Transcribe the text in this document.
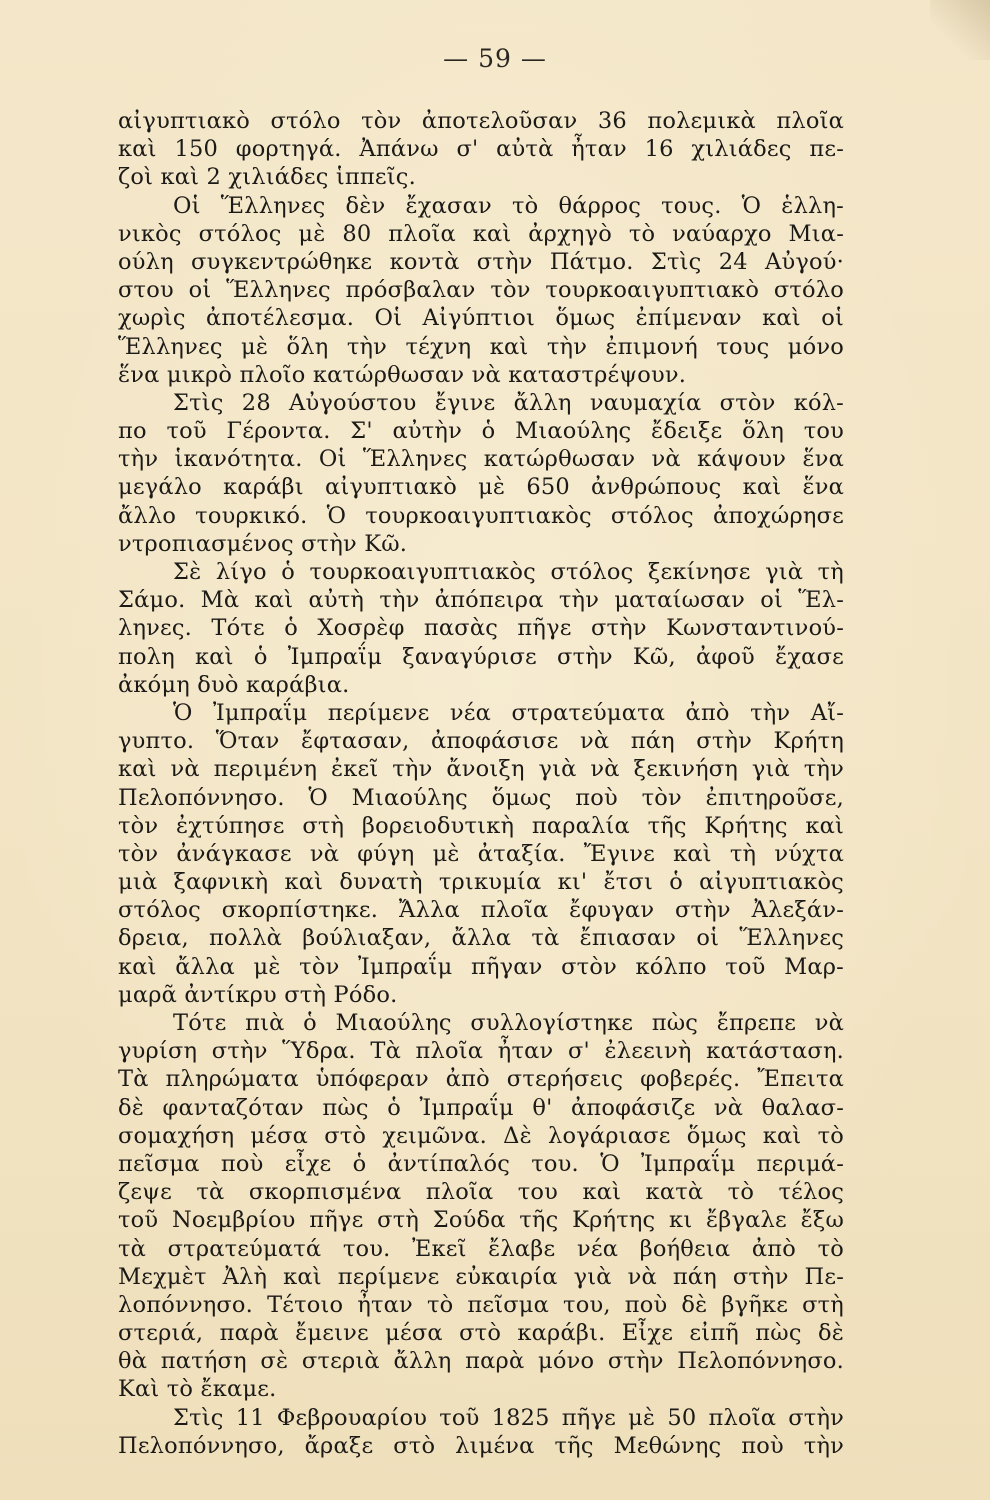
— 59 —
αἰγυπτιακὸ στόλο τὸν ἀποτελοῦσαν 36 πολεμικὰ πλοῖα
καὶ 150 φορτηγά. Ἀπάνω σ' αὐτὰ ἦταν 16 χιλιάδες πε-
ζοὶ καὶ 2 χιλιάδες ἱππεῖς.
Οἱ Ἕλληνες δὲν ἔχασαν τὸ θάρρος τους. Ὁ ἑλλη-
νικὸς στόλος μὲ 80 πλοῖα καὶ ἀρχηγὸ τὸ ναύαρχο Μια-
ούλη συγκεντρώθηκε κοντὰ στὴν Πάτμο. Στὶς 24 Αὐγού·
στου οἱ Ἕλληνες πρόσβαλαν τὸν τουρκοαιγυπτιακὸ στόλο
χωρὶς ἀποτέλεσμα. Οἱ Αἰγύπτιοι ὅμως ἐπίμεναν καὶ οἱ
Ἕλληνες μὲ ὅλη τὴν τέχνη καὶ τὴν ἐπιμονή τους μόνο
ἕνα μικρὸ πλοῖο κατώρθωσαν νὰ καταστρέψουν.
Στὶς 28 Αὐγούστου ἔγινε ἄλλη ναυμαχία στὸν κόλ-
πο τοῦ Γέροντα. Σ' αὐτὴν ὁ Μιαούλης ἔδειξε ὅλη του
τὴν ἱκανότητα. Οἱ Ἕλληνες κατώρθωσαν νὰ κάψουν ἕνα
μεγάλο καράβι αἰγυπτιακὸ μὲ 650 ἀνθρώπους καὶ ἕνα
ἄλλο τουρκικό. Ὁ τουρκοαιγυπτιακὸς στόλος ἀποχώρησε
ντροπιασμένος στὴν Κῶ.
Σὲ λίγο ὁ τουρκοαιγυπτιακὸς στόλος ξεκίνησε γιὰ τὴ
Σάμο. Μὰ καὶ αὐτὴ τὴν ἀπόπειρα τὴν ματαίωσαν οἱ Ἕλ-
ληνες. Τότε ὁ Χοσρὲφ πασὰς πῆγε στὴν Κωνσταντινού-
πολη καὶ ὁ Ἰμπραΐμ ξαναγύρισε στὴν Κῶ, ἀφοῦ ἔχασε
ἀκόμη δυὸ καράβια.
Ὁ Ἰμπραΐμ περίμενε νέα στρατεύματα ἀπὸ τὴν Αἴ-
γυπτο. Ὅταν ἔφτασαν, ἀποφάσισε νὰ πάη στὴν Κρήτη
καὶ νὰ περιμένη ἐκεῖ τὴν ἄνοιξη γιὰ νὰ ξεκινήση γιὰ τὴν
Πελοπόννησο. Ὁ Μιαούλης ὅμως ποὺ τὸν ἐπιτηροῦσε,
τὸν ἐχτύπησε στὴ βορειοδυτικὴ παραλία τῆς Κρήτης καὶ
τὸν ἀνάγκασε νὰ φύγη μὲ ἀταξία. Ἔγινε καὶ τὴ νύχτα
μιὰ ξαφνικὴ καὶ δυνατὴ τρικυμία κι' ἔτσι ὁ αἰγυπτιακὸς
στόλος σκορπίστηκε. Ἄλλα πλοῖα ἔφυγαν στὴν Ἀλεξάν-
δρεια, πολλὰ βούλιαξαν, ἄλλα τὰ ἔπιασαν οἱ Ἕλληνες
καὶ ἄλλα μὲ τὸν Ἰμπραΐμ πῆγαν στὸν κόλπο τοῦ Μαρ-
μαρᾶ ἀντίκρυ στὴ Ρόδο.
Τότε πιὰ ὁ Μιαούλης συλλογίστηκε πὼς ἔπρεπε νὰ
γυρίση στὴν Ὕδρα. Τὰ πλοῖα ἦταν σ' ἐλεεινὴ κατάσταση.
Τὰ πληρώματα ὑπόφεραν ἀπὸ στερήσεις φοβερές. Ἔπειτα
δὲ φανταζόταν πὼς ὁ Ἰμπραΐμ θ' ἀποφάσιζε νὰ θαλασ-
σομαχήση μέσα στὸ χειμῶνα. Δὲ λογάριασε ὅμως καὶ τὸ
πεῖσμα ποὺ εἶχε ὁ ἀντίπαλός του. Ὁ Ἰμπραΐμ περιμά-
ζεψε τὰ σκορπισμένα πλοῖα του καὶ κατὰ τὸ τέλος
τοῦ Νοεμβρίου πῆγε στὴ Σούδα τῆς Κρήτης κι ἔβγαλε ἔξω
τὰ στρατεύματά του. Ἐκεῖ ἔλαβε νέα βοήθεια ἀπὸ τὸ
Μεχμὲτ Ἀλὴ καὶ περίμενε εὐκαιρία γιὰ νὰ πάη στὴν Πε-
λοπόννησο. Τέτοιο ἦταν τὸ πεῖσμα του, ποὺ δὲ βγῆκε στὴ
στεριά, παρὰ ἔμεινε μέσα στὸ καράβι. Εἶχε εἰπῆ πὼς δὲ
θὰ πατήση σὲ στεριὰ ἄλλη παρὰ μόνο στὴν Πελοπόννησο.
Καὶ τὸ ἔκαμε.
Στὶς 11 Φεβρουαρίου τοῦ 1825 πῆγε μὲ 50 πλοῖα στὴν
Πελοπόννησο, ἄραξε στὸ λιμένα τῆς Μεθώνης ποὺ τὴν
